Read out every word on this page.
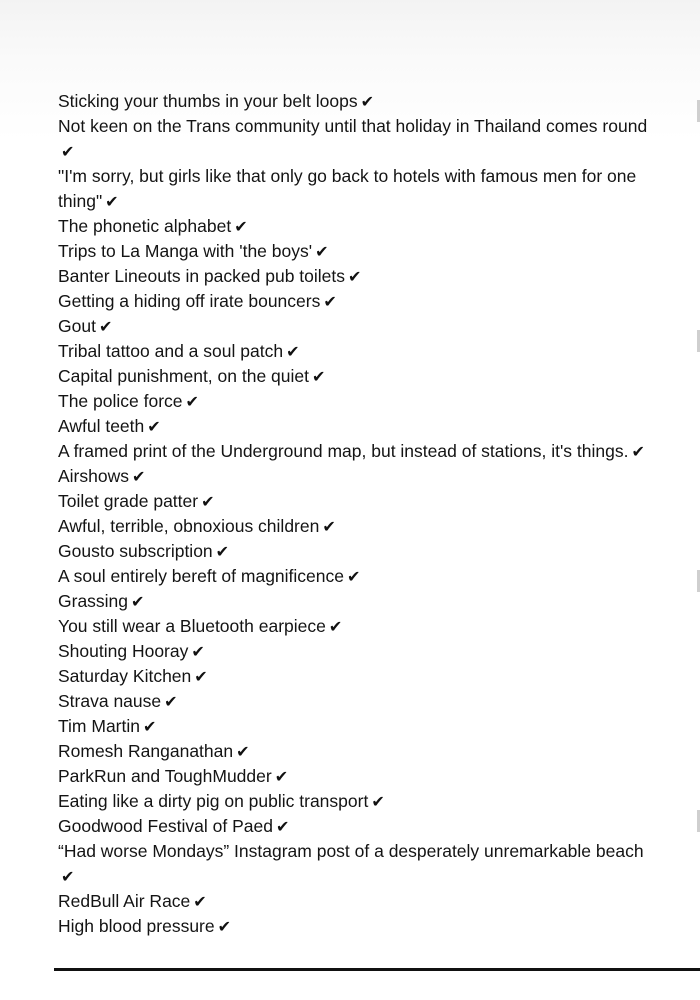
Sticking your thumbs in your belt loops ✔
Not keen on the Trans community until that holiday in Thailand comes round✔
"I'm sorry, but girls like that only go back to hotels with famous men for one thing" ✔
The phonetic alphabet ✔
Trips to La Manga with 'the boys' ✔
Banter Lineouts in packed pub toilets ✔
Getting a hiding off irate bouncers ✔
Gout ✔
Tribal tattoo and a soul patch ✔
Capital punishment, on the quiet ✔
The police force ✔
Awful teeth ✔
A framed print of the Underground map, but instead of stations, it's things. ✔
Airshows ✔
Toilet grade patter ✔
Awful, terrible, obnoxious children ✔
Gousto subscription ✔
A soul entirely bereft of magnificence ✔
Grassing ✔
You still wear a Bluetooth earpiece ✔
Shouting Hooray ✔
Saturday Kitchen ✔
Strava nause ✔
Tim Martin ✔
Romesh Ranganathan ✔
ParkRun and ToughMudder ✔
Eating like a dirty pig on public transport ✔
Goodwood Festival of Paed ✔
“Had worse Mondays” Instagram post of a desperately unremarkable beach✔
RedBull Air Race ✔
High blood pressure ✔
